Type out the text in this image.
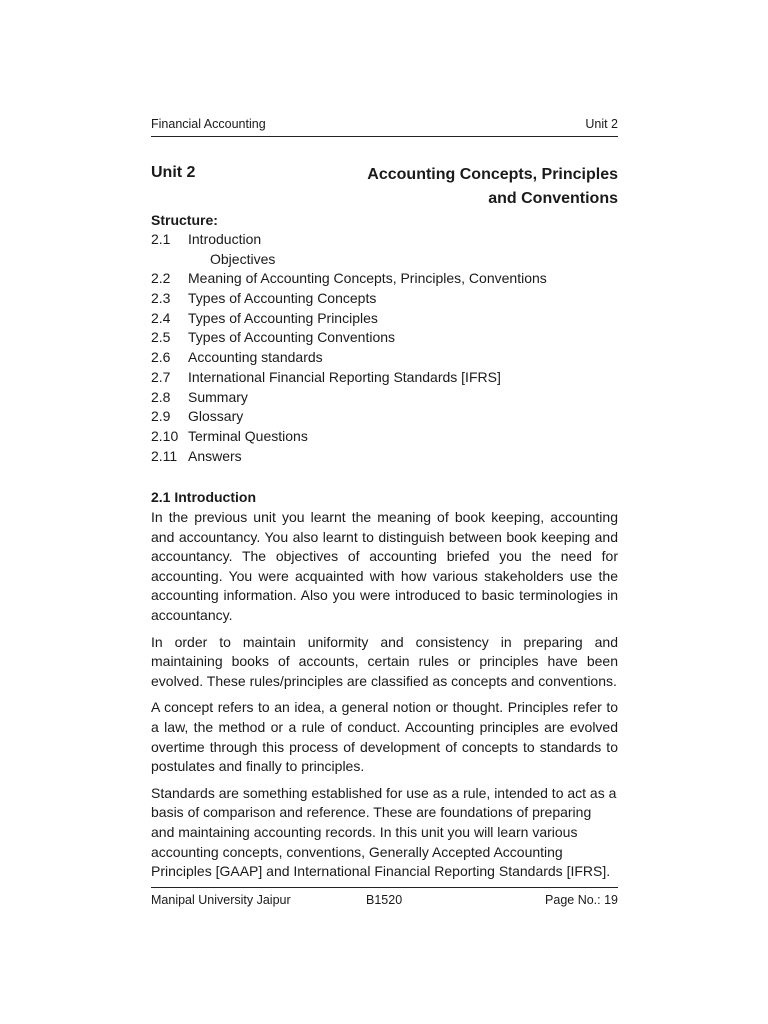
Financial Accounting	Unit 2
Unit 2	Accounting Concepts, Principles
and Conventions
Structure:
2.1	Introduction
Objectives
2.2	Meaning of Accounting Concepts, Principles, Conventions
2.3	Types of Accounting Concepts
2.4	Types of Accounting Principles
2.5	Types of Accounting Conventions
2.6	Accounting standards
2.7	International Financial Reporting Standards [IFRS]
2.8	Summary
2.9	Glossary
2.10 Terminal Questions
2.11 Answers
2.1 Introduction

In the previous unit you learnt the meaning of book keeping, accounting and accountancy. You also learnt to distinguish between book keeping and accountancy. The objectives of accounting briefed you the need for accounting. You were acquainted with how various stakeholders use the accounting information. Also you were introduced to basic terminologies in accountancy.

In order to maintain uniformity and consistency in preparing and maintaining books of accounts, certain rules or principles have been evolved. These rules/principles are classified as concepts and conventions.

A concept refers to an idea, a general notion or thought. Principles refer to a law, the method or a rule of conduct. Accounting principles are evolved overtime through this process of development of concepts to standards to postulates and finally to principles.

Standards are something established for use as a rule, intended to act as a basis of comparison and reference. These are foundations of preparing and maintaining accounting records. In this unit you will learn various accounting concepts, conventions, Generally Accepted Accounting Principles [GAAP] and International Financial Reporting Standards [IFRS].

Manipal University Jaipur	B1520	Page No.: 19
